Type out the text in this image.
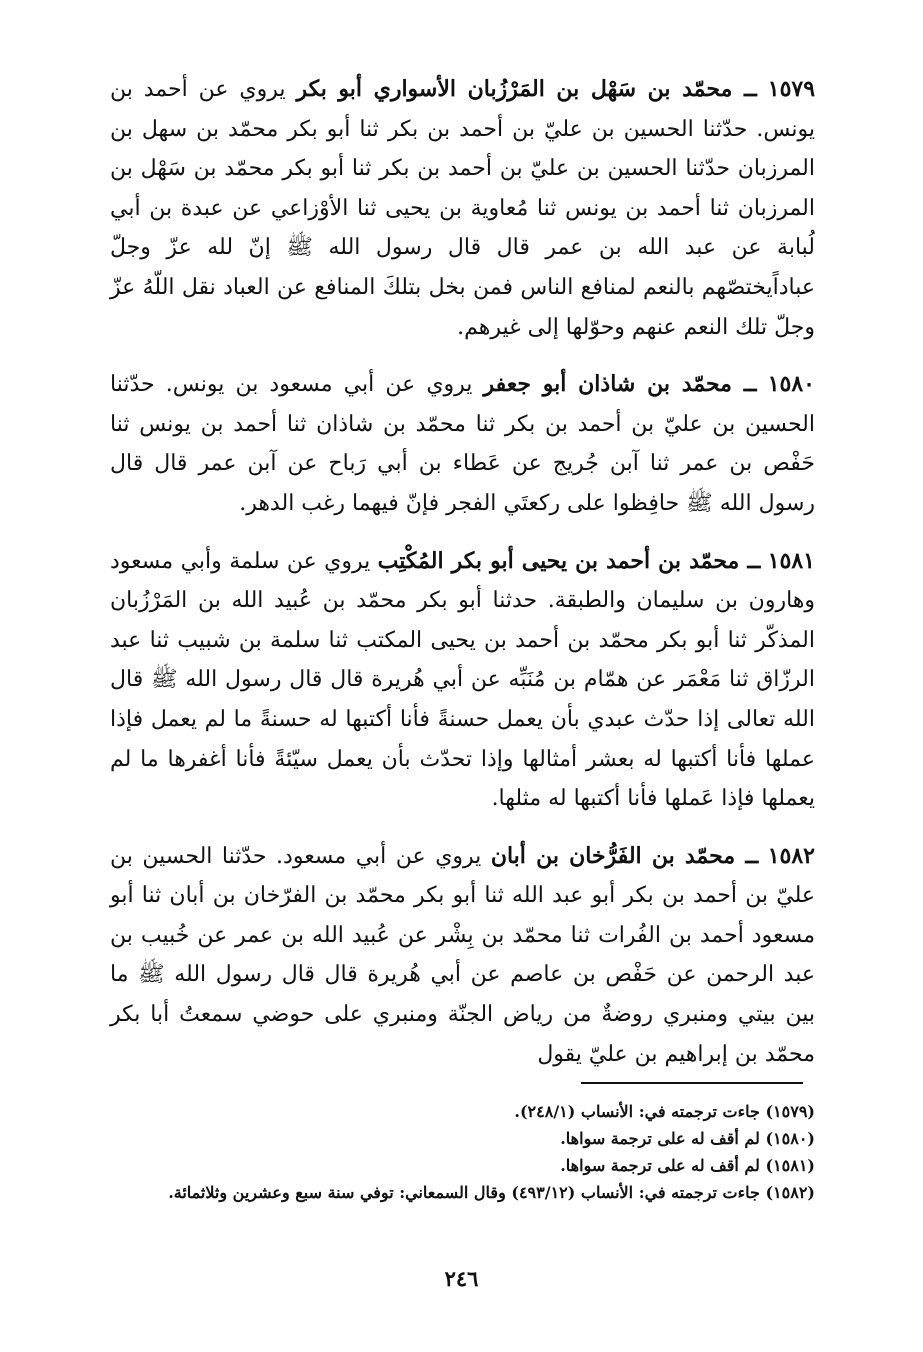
١٥٧٩ ــ محمّد بن سَهْل بن المَرْزُبان الأسواري أبو بكر يروي عن أحمد بن يونس. حدّثنا الحسين بن عليّ بن أحمد بن بكر ثنا أبو بكر محمّد بن سهل بن المرزبان حدّثنا الحسين بن عليّ بن أحمد بن بكر ثنا أبو بكر محمّد بن سَهْل بن المرزبان ثنا أحمد بن يونس ثنا مُعاوية بن يحيى ثنا الأوْزاعي عن عبدة بن أبي لُبابة عن عبد الله بن عمر قال قال رسول الله ﷺ إنّ لله عزّ وجلّ عباداًيختصّهم بالنعم لمنافع الناس فمن بخل بتلكَ المنافع عن العباد نقل اللّهُ عزّ وجلّ تلك النعم عنهم وحوّلها إلى غيرهم.

١٥٨٠ ــ محمّد بن شاذان أبو جعفر يروي عن أبي مسعود بن يونس. حدّثنا الحسين بن عليّ بن أحمد بن بكر ثنا محمّد بن شاذان ثنا أحمد بن يونس ثنا حَفْص بن عمر ثنا آبن جُريج عن عَطاء بن أبي رَباح عن آبن عمر قال قال رسول الله ﷺ حافِظوا على ركعتَي الفجر فإنّ فيهما رغب الدهر.

١٥٨١ ــ محمّد بن أحمد بن يحيى أبو بكر المُكْتِب يروي عن سلمة وأبي مسعود وهارون بن سليمان والطبقة. حدثنا أبو بكر محمّد بن عُبيد الله بن المَرْزُبان المذكّر ثنا أبو بكر محمّد بن أحمد بن يحيى المكتب ثنا سلمة بن شبيب ثنا عبد الرزّاق ثنا مَعْمَر عن همّام بن مُنَبِّه عن أبي هُريرة قال قال رسول الله ﷺ قال الله تعالى إذا حدّث عبدي بأن يعمل حسنةً فأنا أكتبها له حسنةً ما لم يعمل فإذا عملها فأنا أكتبها له بعشر أمثالها وإذا تحدّث بأن يعمل سيّئةً فأنا أغفرها ما لم يعملها فإذا عَملها فأنا أكتبها له مثلها.

١٥٨٢ ــ محمّد بن الفَرُّخان بن أبان يروي عن أبي مسعود. حدّثنا الحسين بن عليّ بن أحمد بن بكر أبو عبد الله ثنا أبو بكر محمّد بن الفرّخان بن أبان ثنا أبو مسعود أحمد بن الفُرات ثنا محمّد بن بِشْر عن عُبيد الله بن عمر عن خُبيب بن عبد الرحمن عن حَفْص بن عاصم عن أبي هُريرة قال قال رسول الله ﷺ ما بين بيتي ومنبري روضةٌ من رياض الجنّة ومنبري على حوضي سمعتُ أبا بكر محمّد بن إبراهيم بن عليّ يقول

(١٥٧٩) جاءت ترجمته في: الأنساب (٢٤٨/١).
(١٥٨٠) لم أقف له على ترجمة سواها.
(١٥٨١) لم أقف له على ترجمة سواها.
(١٥٨٢) جاءت ترجمته في: الأنساب (٤٩٣/١٢) وقال السمعاني: توفي سنة سبع وعشرين وثلاثمائة.
٢٤٦
